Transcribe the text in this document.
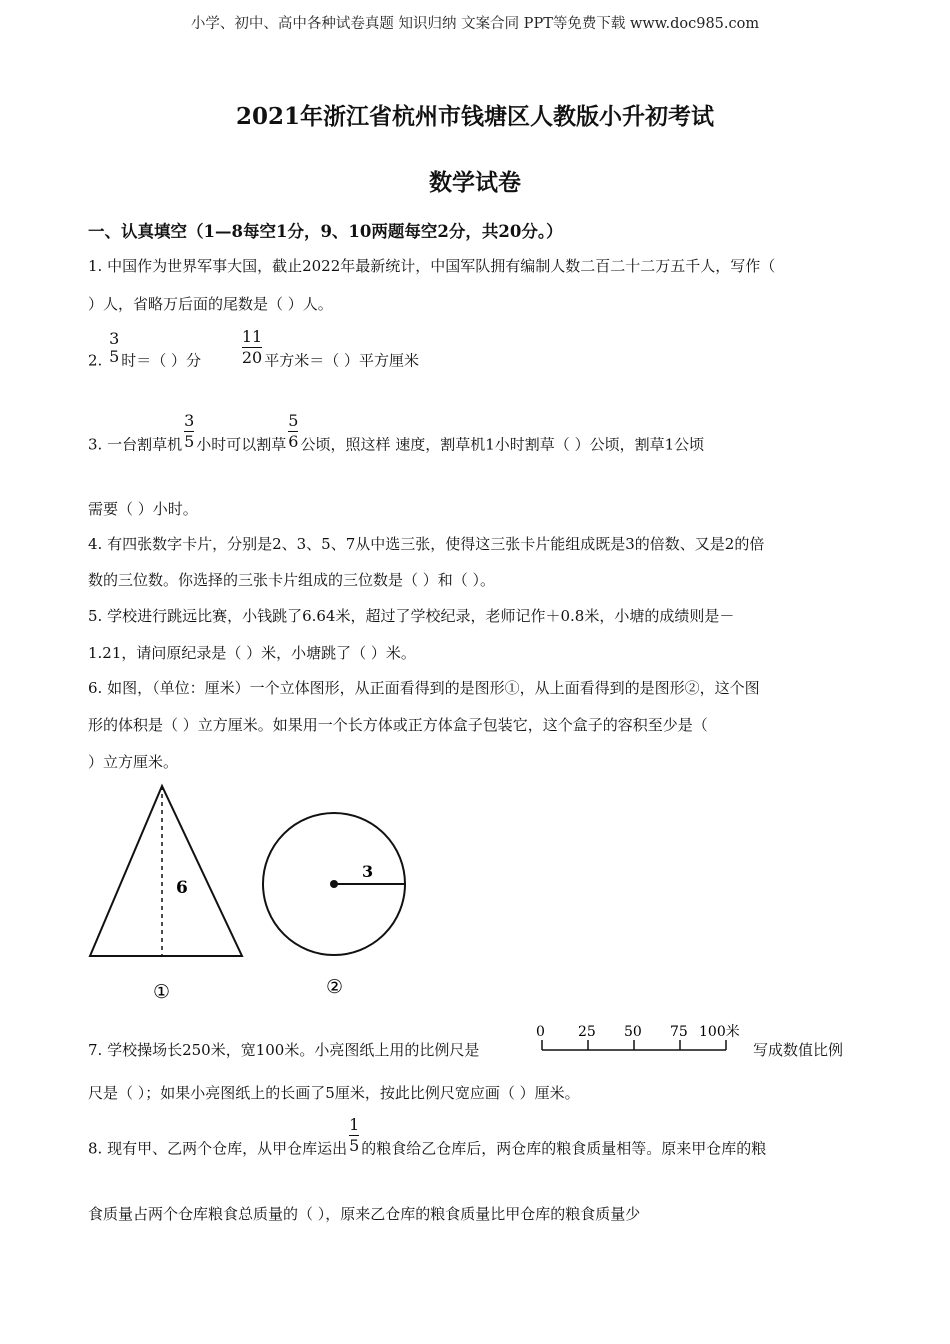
小学、初中、高中各种试卷真题 知识归纳 文案合同 PPT等免费下载 www.doc985.com
2021年浙江省杭州市钱塘区人教版小升初考试
数学试卷
一、认真填空（1—8每空1分，9、10两题每空2分，共20分。）
1. 中国作为世界军事大国，截止2022年最新统计，中国军队拥有编制人数二百二十二万五千人，写作（
）人，省略万后面的尾数是（ ）人。
2.
3
5 时＝（ ）分	$\frac{11}{20}$ 平方米＝（ ）平方厘米
3. 一台割草机 $\frac{3}{5}$ 小时可以割草 $\frac{5}{6}$ 公顷，照这样 速度，割草机1小时割草（ ）公顷，割草1公顷
需要（ ）小时。
4. 有四张数字卡片，分别是2、3、5、7从中选三张，使得这三张卡片能组成既是3的倍数、又是2的倍
数的三位数。你选择的三张卡片组成的三位数是（ ）和（ ）。
5. 学校进行跳远比赛，小钱跳了6.64米，超过了学校纪录，老师记作＋0.8米，小塘的成绩则是－
1.21，请问原纪录是（ ）米，小塘跳了（ ）米。
6. 如图，（单位：厘米）一个立体图形，从正面看得到的是图形①，从上面看得到的是图形②，这个图
形的体积是（ ）立方厘米。如果用一个长方体或正方体盒子包装它，这个盒子的容积至少是（
）立方厘米。
6
3
①	②
7. 学校操场长250米，宽100米。小亮图纸上用的比例尺是
0 25 50 75 100米
写成数值比例
尺是（ ）；如果小亮图纸上的长画了5厘米，按此比例尺宽应画（ ）厘米。
8. 现有甲、乙两个仓库，从甲仓库运出 $\frac{1}{5}$ 的粮食给乙仓库后，两仓库的粮食质量相等。原来甲仓库的粮
食质量占两个仓库粮食总质量的（ ），原来乙仓库的粮食质量比甲仓库的粮食质量少
